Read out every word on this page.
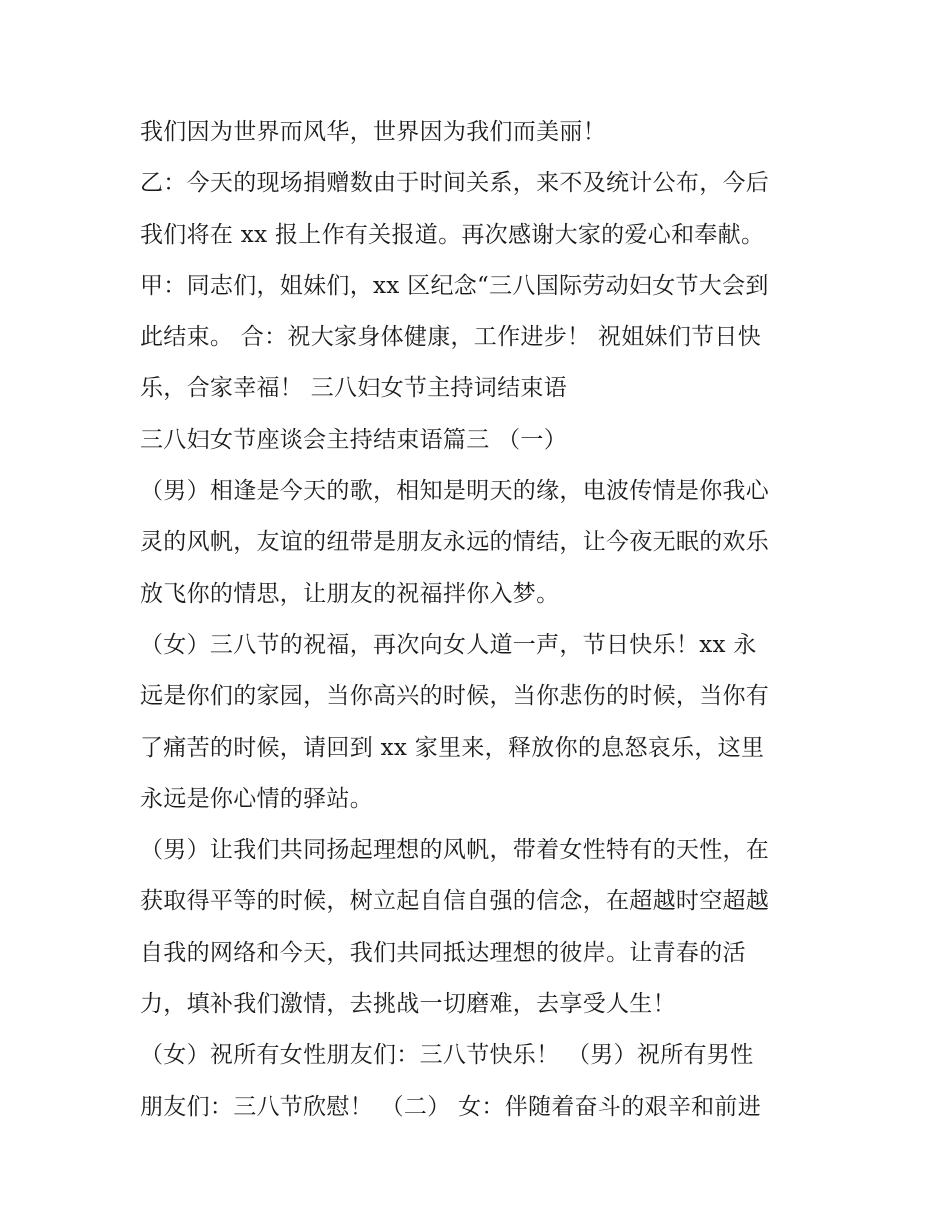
我们因为世界而风华，世界因为我们而美丽！
乙：今天的现场捐赠数由于时间关系，来不及统计公布，今后
我们将在 xx 报上作有关报道。再次感谢大家的爱心和奉献。
甲：同志们，姐妹们，xx 区纪念“三八国际劳动妇女节大会到
此结束。 合：祝大家身体健康，工作进步！ 祝姐妹们节日快
乐，合家幸福！ 三八妇女节主持词结束语
三八妇女节座谈会主持结束语篇三 （一）
（男）相逢是今天的歌，相知是明天的缘，电波传情是你我心
灵的风帆，友谊的纽带是朋友永远的情结，让今夜无眠的欢乐
放飞你的情思，让朋友的祝福拌你入梦。
（女）三八节的祝福，再次向女人道一声，节日快乐！xx 永
远是你们的家园，当你高兴的时候，当你悲伤的时候，当你有
了痛苦的时候，请回到 xx 家里来，释放你的息怒哀乐，这里
永远是你心情的驿站。
（男）让我们共同扬起理想的风帆，带着女性特有的天性，在
获取得平等的时候，树立起自信自强的信念，在超越时空超越
自我的网络和今天，我们共同抵达理想的彼岸。让青春的活
力，填补我们激情，去挑战一切磨难，去享受人生！
（女）祝所有女性朋友们：三八节快乐！ （男）祝所有男性
朋友们：三八节欣慰！ （二） 女：伴随着奋斗的艰辛和前进
